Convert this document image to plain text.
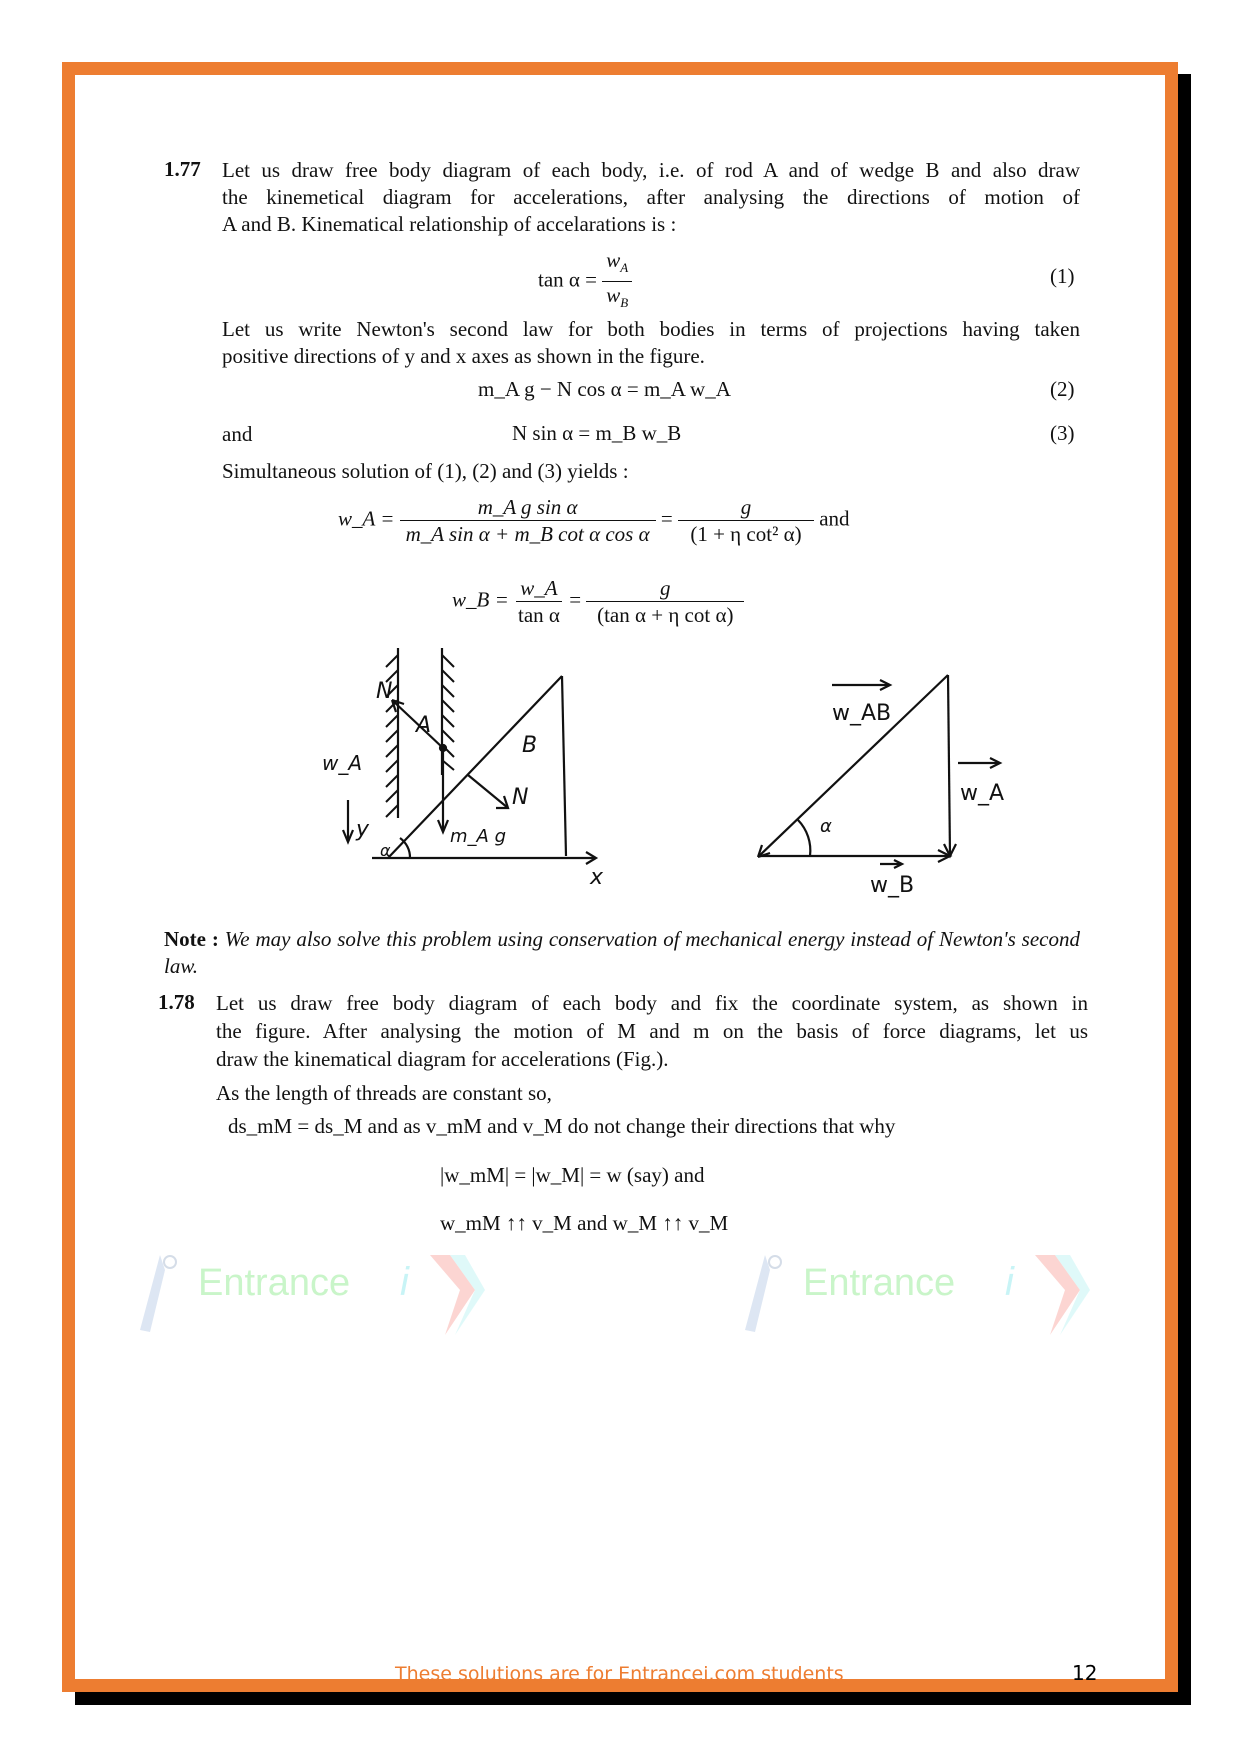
Entrance i	Entrance i
1.77 Let us draw free body diagram of each body, i.e. of rod A and of wedge B and also draw
the kinemetical diagram for accelerations, after analysing the directions of motion of
A and B. Kinematical relationship of accelarations is :
$\tan \alpha = \frac{w_A}{w_B}$	(1)
Let us write Newton's second law for both bodies in terms of projections having taken
positive directions of y and x axes as shown in the figure.
m_A g − N cos α = m_A w_A	(2)
and	N sin α = m_B w_B	(3)
Simultaneous solution of (1), (2) and (3) yields :
w_A = $\frac{\text{m\_A g sin α}}{\text{m\_A sin α + m\_B cot α cos α}} = \frac{g}{\text{(1 + η cot² α)}}$ and
w_B = $\frac{w\_A}{\text{tan α}} = \frac{g}{\text{(tan α + η cot α)}}$
N
A
B
N
w_A
y	m_A g
α
x
w_AB
w_A
w_B
α
Note : We may also solve this problem using conservation of mechanical energy instead of Newton's second law.
1.78 Let us draw free body diagram of each body and fix the coordinate system, as shown in
the figure. After analysing the motion of M and m on the basis of force diagrams, let us
draw the kinematical diagram for accelerations (Fig.).
As the length of threads are constant so,
ds_mM = ds_M and as v_mM and v_M do not change their directions that why
|w_mM| = |w_M| = w (say) and
w_mM ↑↑ v_M and w_M ↑↑ v_M
These solutions are for Entrancei.com students	12
